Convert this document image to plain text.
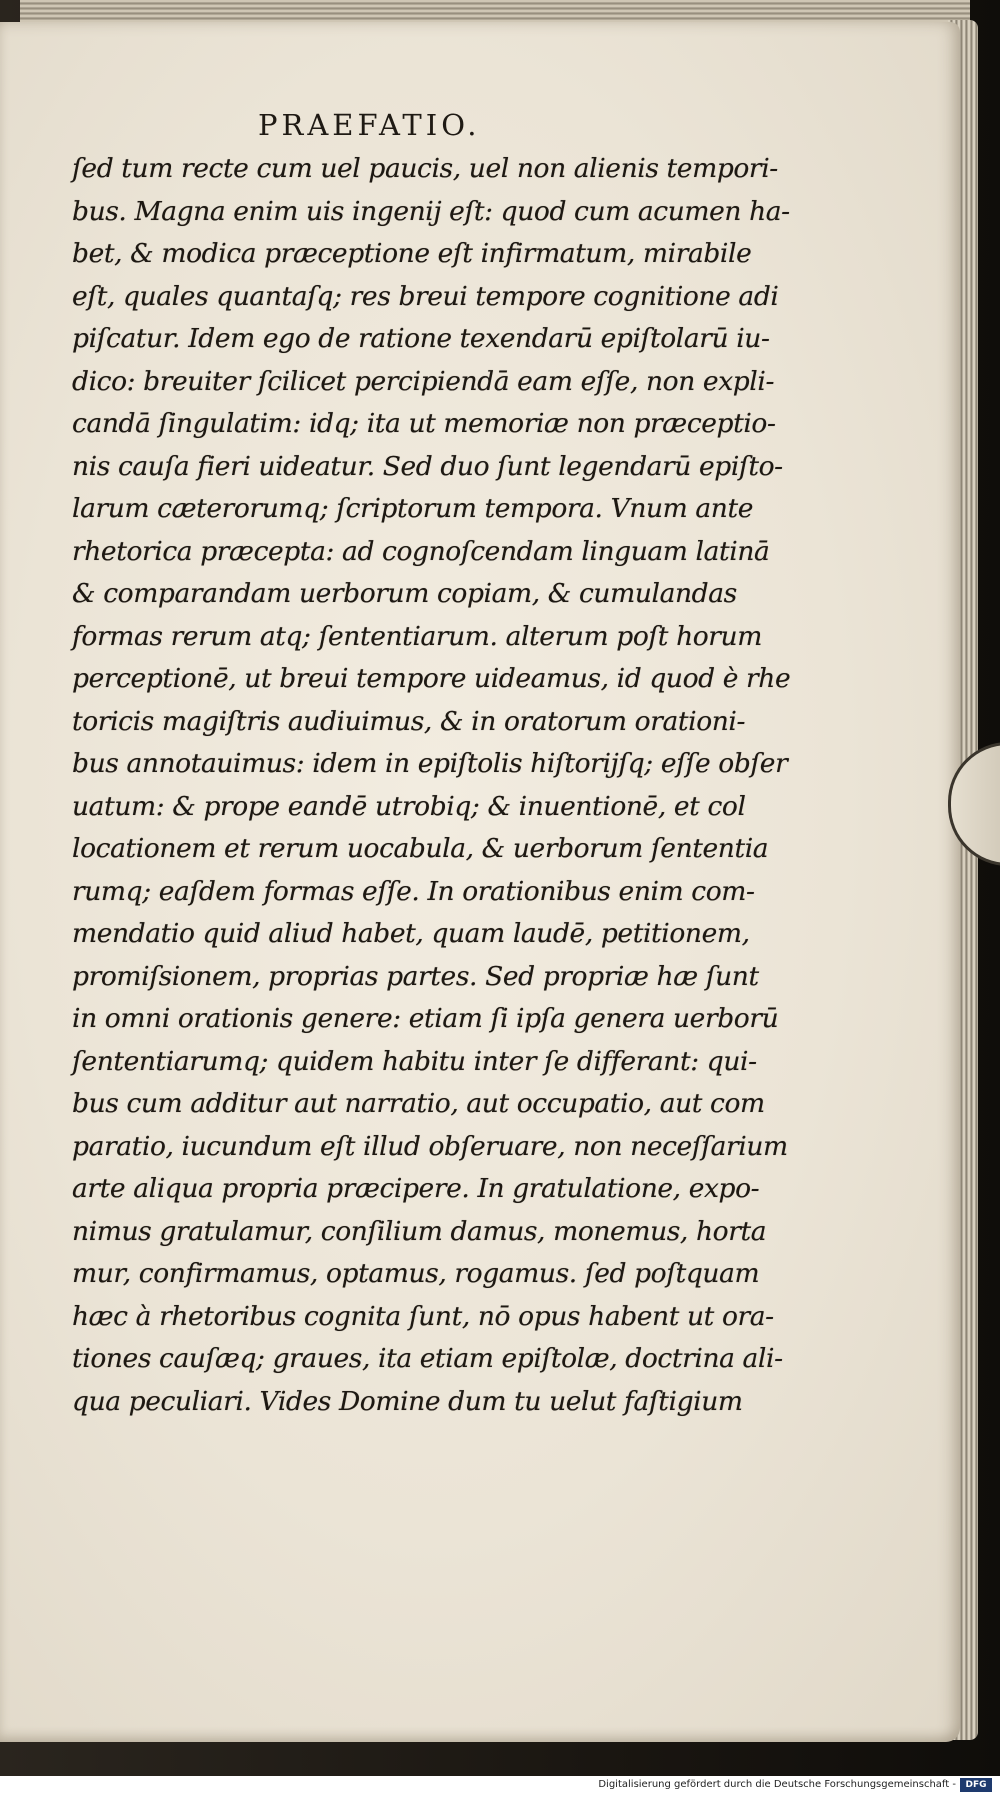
PRAEFATIO.
ſed tum recte cum uel paucis, uel non alienis tempori-
bus. Magna enim uis ingenij eſt: quod cum acumen ha-
bet, & modica præceptione eſt infirmatum, mirabile
eſt, quales quantaſq; res breui tempore cognitione adi
piſcatur. Idem ego de ratione texendarū epiſtolarū iu-
dico: breuiter ſcilicet percipiendā eam eſſe, non expli-
candā ſingulatim: idq; ita ut memoriæ non præceptio-
nis cauſa fieri uideatur. Sed duo ſunt legendarū epiſto-
larum cæterorumq; ſcriptorum tempora. Vnum ante
rhetorica præcepta: ad cognoſcendam linguam latinā
& comparandam uerborum copiam, & cumulandas
formas rerum atq; ſententiarum. alterum poſt horum
perceptionē, ut breui tempore uideamus, id quod è rhe
toricis magiſtris audiuimus, & in oratorum orationi-
bus annotauimus: idem in epiſtolis hiſtorijſq; eſſe obſer
uatum: & prope eandē utrobiq; & inuentionē, et col
locationem et rerum uocabula, & uerborum ſententia
rumq; eaſdem formas eſſe. In orationibus enim com-
mendatio quid aliud habet, quam laudē, petitionem,
promiſsionem, proprias partes. Sed propriæ hæ ſunt
in omni orationis genere: etiam ſi ipſa genera uerborū
ſententiarumq; quidem habitu inter ſe differant: qui-
bus cum additur aut narratio, aut occupatio, aut com
paratio, iucundum eſt illud obſeruare, non neceſſarium
arte aliqua propria præcipere. In gratulatione, expo-
nimus gratulamur, conſilium damus, monemus, horta
mur, confirmamus, optamus, rogamus. ſed poſtquam
hæc à rhetoribus cognita ſunt, nō opus habent ut ora-
tiones cauſæq; graues, ita etiam epiſtolæ, doctrina ali-
qua peculiari. Vides Domine dum tu uelut faſtigium
Digitalisierung gefördert durch die Deutsche Forschungsgemeinschaft -	DFG
